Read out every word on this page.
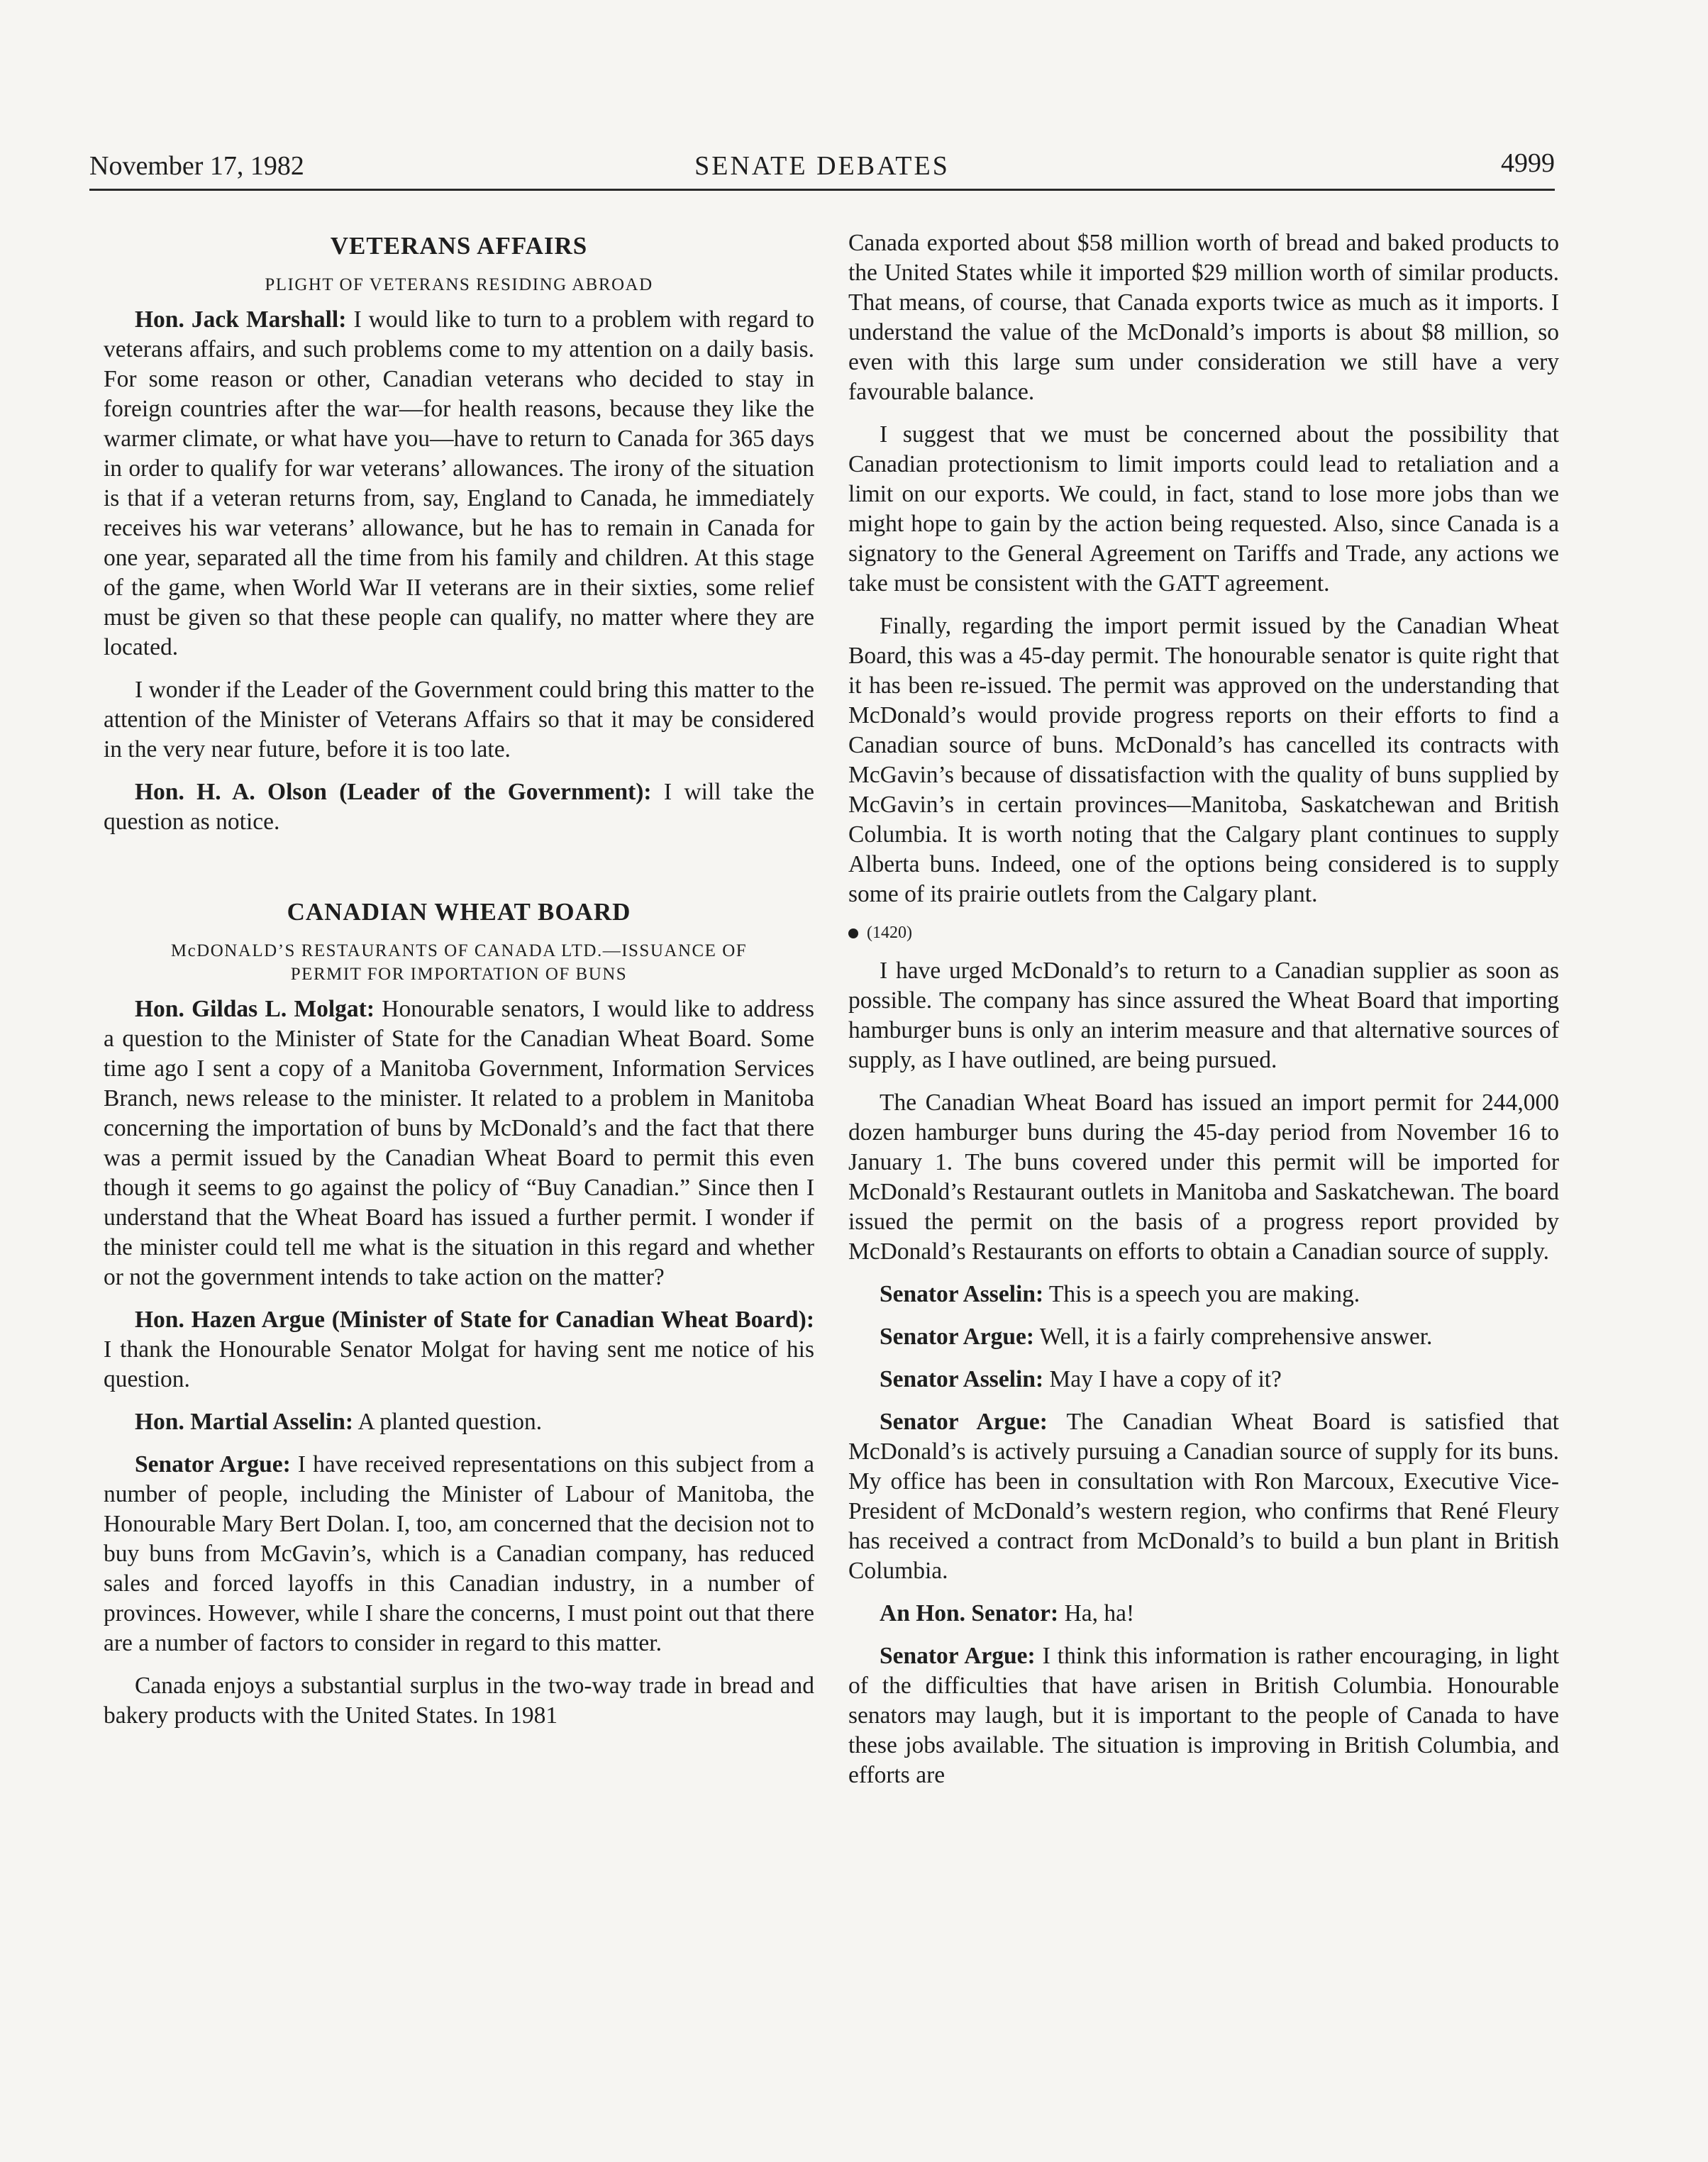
November 17, 1982	SENATE DEBATES	4999
VETERANS AFFAIRS
PLIGHT OF VETERANS RESIDING ABROAD

Hon. Jack Marshall: I would like to turn to a problem with regard to veterans affairs, and such problems come to my attention on a daily basis. For some reason or other, Canadian veterans who decided to stay in foreign countries after the war—for health reasons, because they like the warmer climate, or what have you—have to return to Canada for 365 days in order to qualify for war veterans’ allowances. The irony of the situation is that if a veteran returns from, say, England to Canada, he immediately receives his war veterans’ allowance, but he has to remain in Canada for one year, separated all the time from his family and children. At this stage of the game, when World War II veterans are in their sixties, some relief must be given so that these people can qualify, no matter where they are located.

I wonder if the Leader of the Government could bring this matter to the attention of the Minister of Veterans Affairs so that it may be considered in the very near future, before it is too late.

Hon. H. A. Olson (Leader of the Government): I will take the question as notice.

CANADIAN WHEAT BOARD
McDONALD’S RESTAURANTS OF CANADA LTD.—ISSUANCE OF
PERMIT FOR IMPORTATION OF BUNS

Hon. Gildas L. Molgat: Honourable senators, I would like to address a question to the Minister of State for the Canadian Wheat Board. Some time ago I sent a copy of a Manitoba Government, Information Services Branch, news release to the minister. It related to a problem in Manitoba concerning the importation of buns by McDonald’s and the fact that there was a permit issued by the Canadian Wheat Board to permit this even though it seems to go against the policy of “Buy Canadian.” Since then I understand that the Wheat Board has issued a further permit. I wonder if the minister could tell me what is the situation in this regard and whether or not the government intends to take action on the matter?

Hon. Hazen Argue (Minister of State for Canadian Wheat Board): I thank the Honourable Senator Molgat for having sent me notice of his question.

Hon. Martial Asselin: A planted question.

Senator Argue: I have received representations on this subject from a number of people, including the Minister of Labour of Manitoba, the Honourable Mary Bert Dolan. I, too, am concerned that the decision not to buy buns from McGavin’s, which is a Canadian company, has reduced sales and forced layoffs in this Canadian industry, in a number of provinces. However, while I share the concerns, I must point out that there are a number of factors to consider in regard to this matter.

Canada enjoys a substantial surplus in the two-way trade in bread and bakery products with the United States. In 1981

Canada exported about $58 million worth of bread and baked products to the United States while it imported $29 million worth of similar products. That means, of course, that Canada exports twice as much as it imports. I understand the value of the McDonald’s imports is about $8 million, so even with this large sum under consideration we still have a very favourable balance.

I suggest that we must be concerned about the possibility that Canadian protectionism to limit imports could lead to retaliation and a limit on our exports. We could, in fact, stand to lose more jobs than we might hope to gain by the action being requested. Also, since Canada is a signatory to the General Agreement on Tariffs and Trade, any actions we take must be consistent with the GATT agreement.

Finally, regarding the import permit issued by the Canadian Wheat Board, this was a 45-day permit. The honourable senator is quite right that it has been re-issued. The permit was approved on the understanding that McDonald’s would provide progress reports on their efforts to find a Canadian source of buns. McDonald’s has cancelled its contracts with McGavin’s because of dissatisfaction with the quality of buns supplied by McGavin’s in certain provinces—Manitoba, Saskatchewan and British Columbia. It is worth noting that the Calgary plant continues to supply Alberta buns. Indeed, one of the options being considered is to supply some of its prairie outlets from the Calgary plant.

(1420)

I have urged McDonald’s to return to a Canadian supplier as soon as possible. The company has since assured the Wheat Board that importing hamburger buns is only an interim measure and that alternative sources of supply, as I have outlined, are being pursued.

The Canadian Wheat Board has issued an import permit for 244,000 dozen hamburger buns during the 45-day period from November 16 to January 1. The buns covered under this permit will be imported for McDonald’s Restaurant outlets in Manitoba and Saskatchewan. The board issued the permit on the basis of a progress report provided by McDonald’s Restaurants on efforts to obtain a Canadian source of supply.

Senator Asselin: This is a speech you are making.

Senator Argue: Well, it is a fairly comprehensive answer.

Senator Asselin: May I have a copy of it?

Senator Argue: The Canadian Wheat Board is satisfied that McDonald’s is actively pursuing a Canadian source of supply for its buns. My office has been in consultation with Ron Marcoux, Executive Vice-President of McDonald’s western region, who confirms that René Fleury has received a contract from McDonald’s to build a bun plant in British Columbia.

An Hon. Senator: Ha, ha!

Senator Argue: I think this information is rather encouraging, in light of the difficulties that have arisen in British Columbia. Honourable senators may laugh, but it is important to the people of Canada to have these jobs available. The situation is improving in British Columbia, and efforts are
